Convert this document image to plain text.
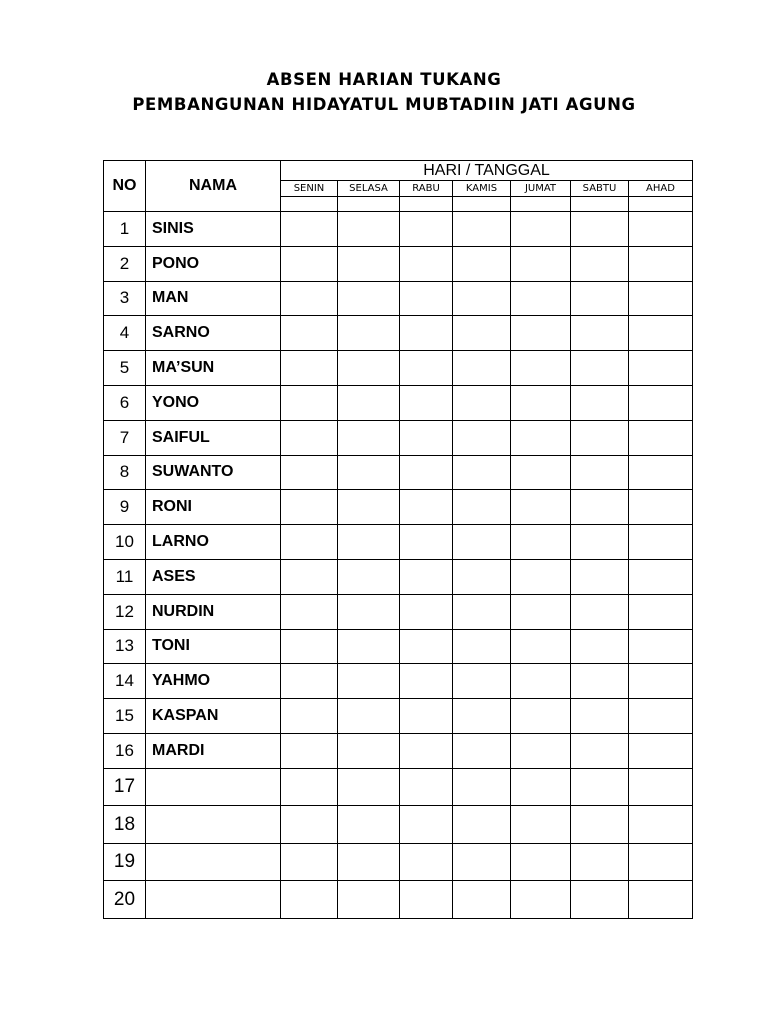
ABSEN HARIAN TUKANG
PEMBANGUNAN HIDAYATUL MUBTADIIN JATI AGUNG
NO	NAMA	HARI / TANGGAL						
		SENIN	SELASA	RABU	KAMIS	JUMAT	SABTU	AHAD

1	SINIS							
2	PONO							
3	MAN							
4	SARNO							
5	MA’SUN							
6	YONO							
7	SAIFUL							
8	SUWANTO							
9	RONI							
10	LARNO							
11	ASES							
12	NURDIN							
13	TONI							
14	YAHMO							
15	KASPAN							
16	MARDI							
17								
18								
19								
20								
